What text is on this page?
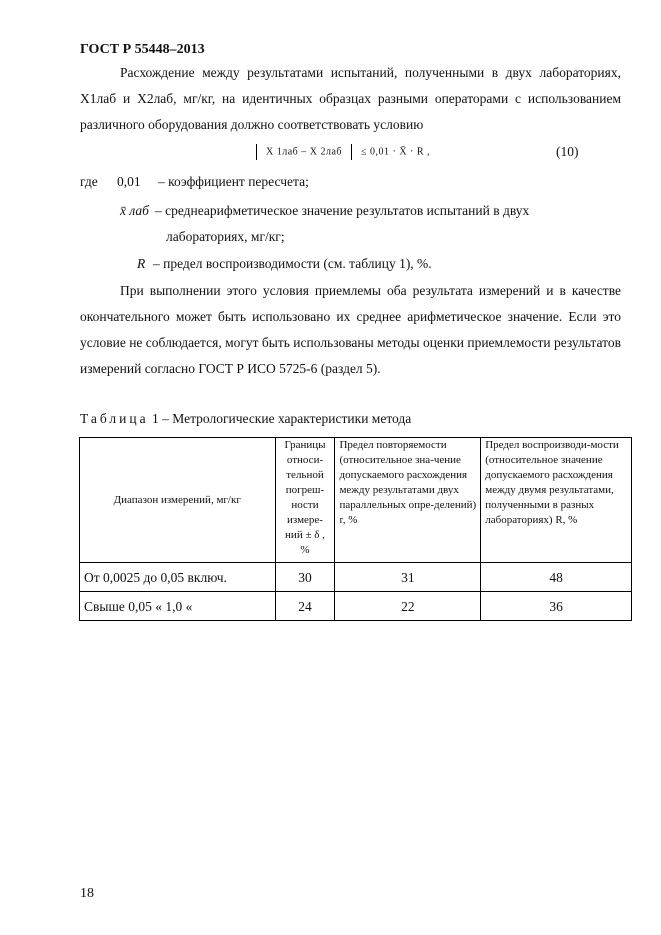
ГОСТ Р 55448–2013
Расхождение между результатами испытаний, полученными в двух лабораториях, X1лаб и X2лаб, мг/кг, на идентичных образцах разными операторами с использованием различного оборудования должно соответствовать условию
X 1лаб – X 2лаб ≤ 0,01 · X̄ · R ,	(10)
где 0,01 – коэффициент пересчета;
x̄ лаб – среднеарифметическое значение результатов испытаний в двух
лабораториях, мг/кг;
R – предел воспроизводимости (см. таблицу 1), %.
При выполнении этого условия приемлемы оба результата измерений и в качестве окончательного может быть использовано их среднее арифметическое значение. Если это условие не соблюдается, могут быть использованы методы оценки приемлемости результатов измерений согласно ГОСТ Р ИСО 5725-6 (раздел 5).
Таблица 1 – Метрологические характеристики метода
Диапазон измерений, мг/кг	Границы относи-тельной погреш-ности измере-ний ± δ , %	Предел повторяемости (относительное зна-чение допускаемого расхождения между результатами двух параллельных опре-делений) r, %	Предел воспроизводи-мости (относительное значение допускаемого расхождения между двумя результатами, полученными в разных лабораториях) R, %
От 0,0025 до 0,05 включ.	30	31	48
Свыше 0,05 « 1,0 «	24	22	36
18
